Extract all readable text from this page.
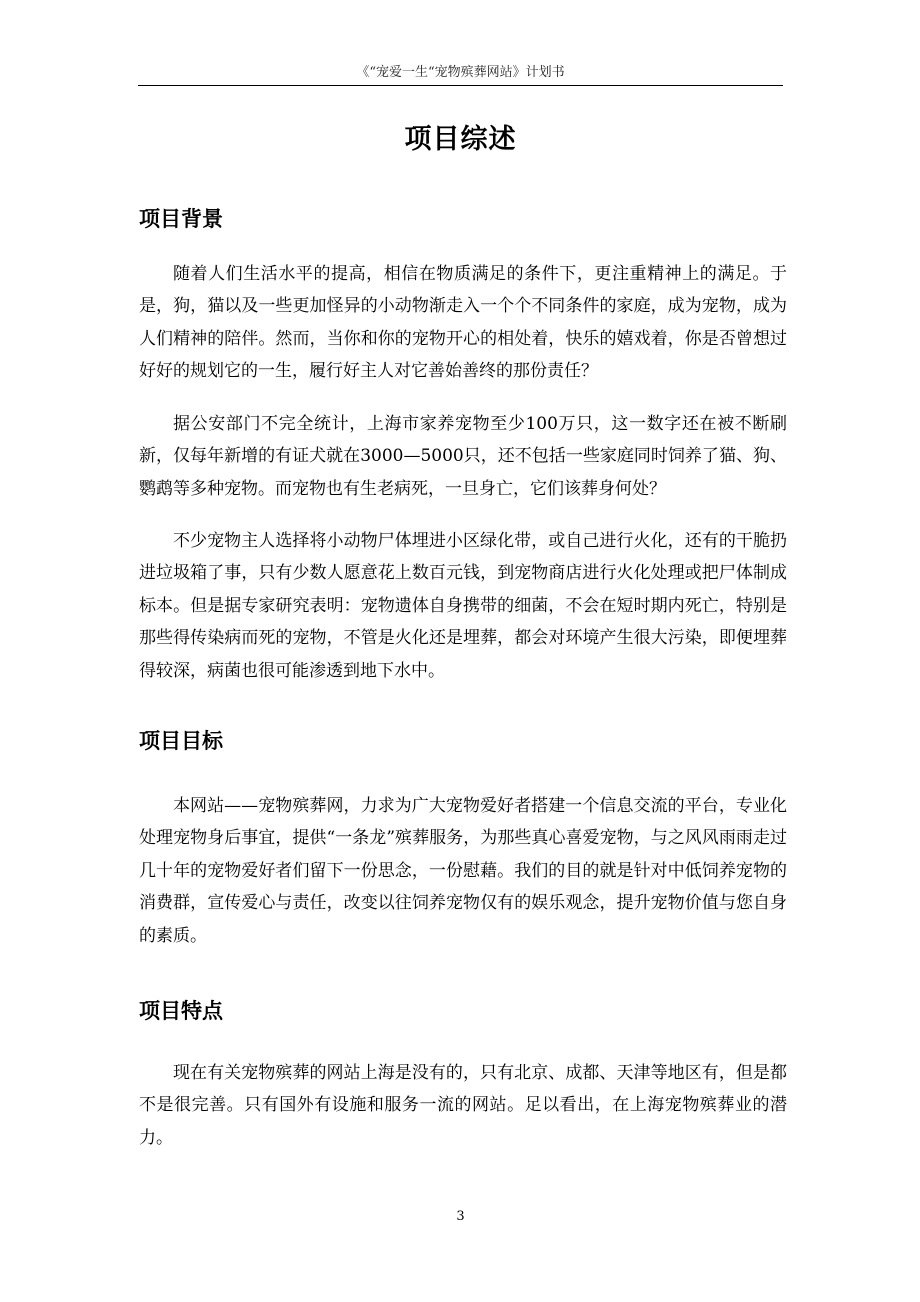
《“宠爱一生“宠物殡葬网站》计划书
项目综述
项目背景

随着人们生活水平的提高，相信在物质满足的条件下，更注重精神上的满足。于是，狗，猫以及一些更加怪异的小动物渐走入一个个不同条件的家庭，成为宠物，成为人们精神的陪伴。然而，当你和你的宠物开心的相处着，快乐的嬉戏着，你是否曾想过好好的规划它的一生，履行好主人对它善始善终的那份责任？

据公安部门不完全统计，上海市家养宠物至少100万只，这一数字还在被不断刷新，仅每年新增的有证犬就在3000—5000只，还不包括一些家庭同时饲养了猫、狗、鹦鹉等多种宠物。而宠物也有生老病死，一旦身亡，它们该葬身何处？

不少宠物主人选择将小动物尸体埋进小区绿化带，或自己进行火化，还有的干脆扔进垃圾箱了事，只有少数人愿意花上数百元钱，到宠物商店进行火化处理或把尸体制成标本。但是据专家研究表明：宠物遗体自身携带的细菌，不会在短时期内死亡，特别是那些得传染病而死的宠物，不管是火化还是埋葬，都会对环境产生很大污染，即便埋葬得较深，病菌也很可能渗透到地下水中。

项目目标

本网站——宠物殡葬网，力求为广大宠物爱好者搭建一个信息交流的平台，专业化处理宠物身后事宜，提供“一条龙”殡葬服务，为那些真心喜爱宠物，与之风风雨雨走过几十年的宠物爱好者们留下一份思念，一份慰藉。我们的目的就是针对中低饲养宠物的消费群，宣传爱心与责任，改变以往饲养宠物仅有的娱乐观念，提升宠物价值与您自身的素质。

项目特点

现在有关宠物殡葬的网站上海是没有的，只有北京、成都、天津等地区有，但是都不是很完善。只有国外有设施和服务一流的网站。足以看出，在上海宠物殡葬业的潜力。

3
